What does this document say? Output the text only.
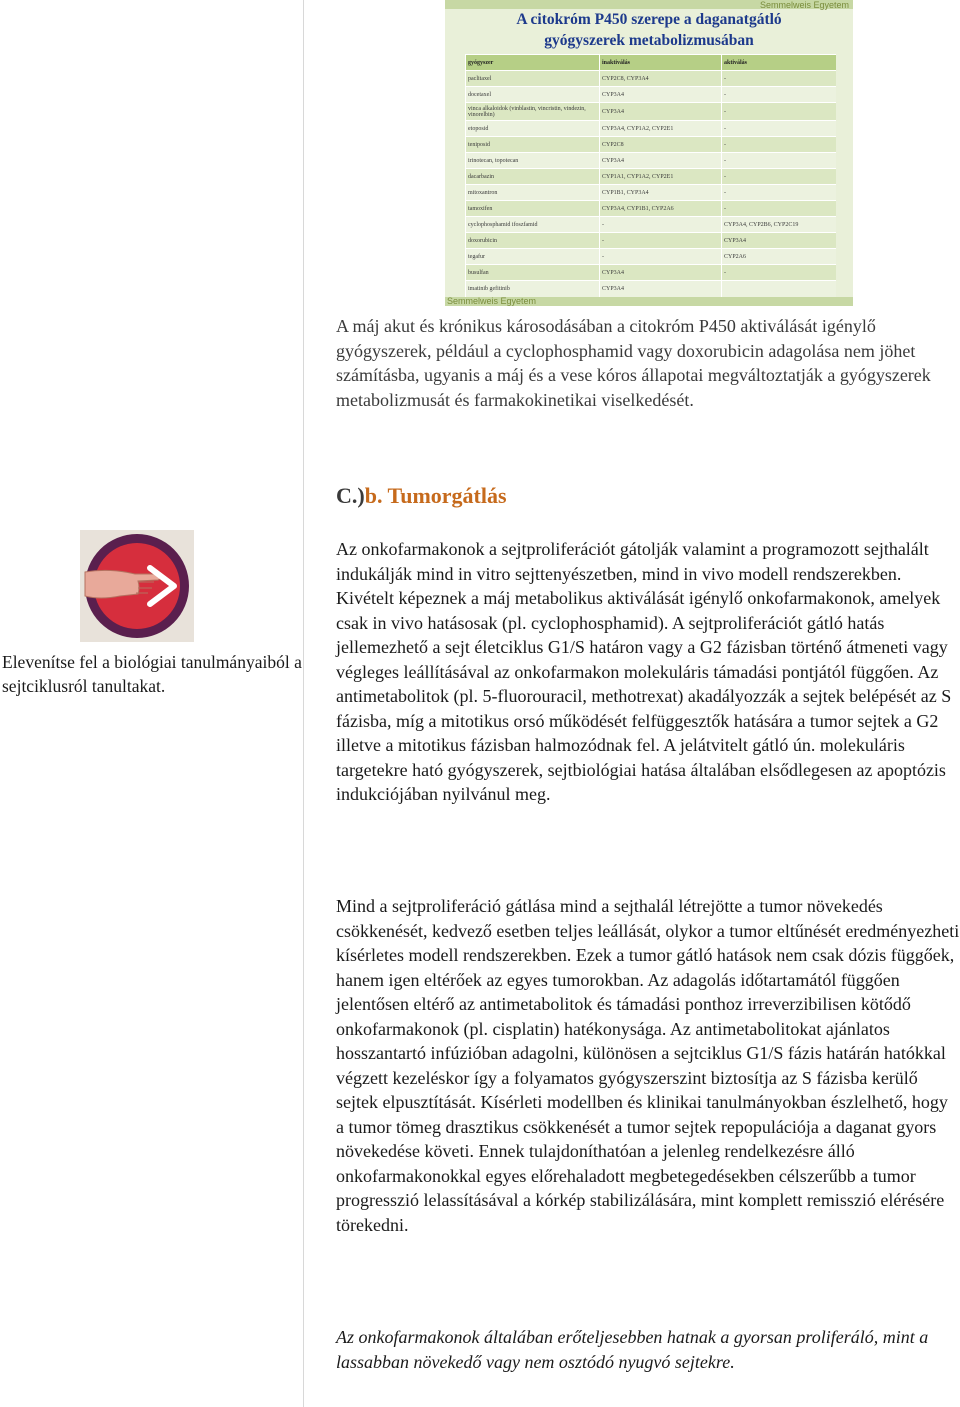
Semmelweis Egyetem
A citokróm P450 szerepe a daganatgátló
gyógyszerek metabolizmusában
gyógyszer	inaktiválás	aktiválás
paclitaxel	CYP2C8, CYP3A4	-
docetaxel	CYP3A4	-
vinca alkaloidok (vinblastin, vincristin, vindezin, vinorelbin)	CYP3A4	-
etoposid	CYP3A4, CYP1A2, CYP2E1	-
teniposid	CYP2C8	-
irinotecan, topotecan	CYP3A4	-
dacarbazin	CYP1A1, CYP1A2, CYP2E1	-
mitoxantron	CYP1B1, CYP3A4	-
tamoxifen	CYP3A4, CYP1B1, CYP2A6	-
cyclophosphamid ifoszfamid	-	CYP3A4, CYP2B6, CYP2C19
doxorubicin	-	CYP3A4
tegafur	-	CYP2A6
busulfan	CYP3A4	-
imatinib gefitinib	CYP3A4	
Semmelweis Egyetem

A máj akut és krónikus károsodásában a citokróm P450 aktiválását igénylő gyógyszerek, például a cyclophosphamid vagy doxorubicin adagolása nem jöhet számításba, ugyanis a máj és a vese kóros állapotai megváltoztatják a gyógyszerek metabolizmusát és farmakokinetikai viselkedését.

C.)b. Tumorgátlás

Elevenítse fel a biológiai tanulmányaiból a sejtciklusról tanultakat.

Az onkofarmakonok a sejtproliferációt gátolják valamint a programozott sejthalált indukálják mind in vitro sejttenyészetben, mind in vivo modell rendszerekben. Kivételt képeznek a máj metabolikus aktiválását igénylő onkofarmakonok, amelyek csak in vivo hatásosak (pl. cyclophosphamid). A sejtproliferációt gátló hatás jellemezhető a sejt életciklus G1/S határon vagy a G2 fázisban történő átmeneti vagy végleges leállításával az onkofarmakon molekuláris támadási pontjától függően. Az antimetabolitok (pl. 5-fluorouracil, methotrexat) akadályozzák a sejtek belépését az S fázisba, míg a mitotikus orsó működését felfüggesztők hatására a tumor sejtek a G2 illetve a mitotikus fázisban halmozódnak fel. A jelátvitelt gátló ún. molekuláris targetekre ható gyógyszerek, sejtbiológiai hatása általában elsődlegesen az apoptózis indukciójában nyilvánul meg.

Mind a sejtproliferáció gátlása mind a sejthalál létrejötte a tumor növekedés csökkenését, kedvező esetben teljes leállását, olykor a tumor eltűnését eredményezheti kísérletes modell rendszerekben. Ezek a tumor gátló hatások nem csak dózis függőek, hanem igen eltérőek az egyes tumorokban. Az adagolás időtartamától függően jelentősen eltérő az antimetabolitok és támadási ponthoz irreverzibilisen kötődő onkofarmakonok (pl. cisplatin) hatékonysága. Az antimetabolitokat ajánlatos hosszantartó infúzióban adagolni, különösen a sejtciklus G1/S fázis határán hatókkal végzett kezeléskor így a folyamatos gyógyszerszint biztosítja az S fázisba kerülő sejtek elpusztítását. Kísérleti modellben és klinikai tanulmányokban észlelhető, hogy a tumor tömeg drasztikus csökkenését a tumor sejtek repopulációja a daganat gyors növekedése követi. Ennek tulajdoníthatóan a jelenleg rendelkezésre álló onkofarmakonokkal egyes előrehaladott megbetegedésekben célszerűbb a tumor progresszió lelassításával a kórkép stabilizálására, mint komplett remisszió elérésére törekedni.

Az onkofarmakonok általában erőteljesebben hatnak a gyorsan proliferáló, mint a lassabban növekedő vagy nem osztódó nyugvó sejtekre.
